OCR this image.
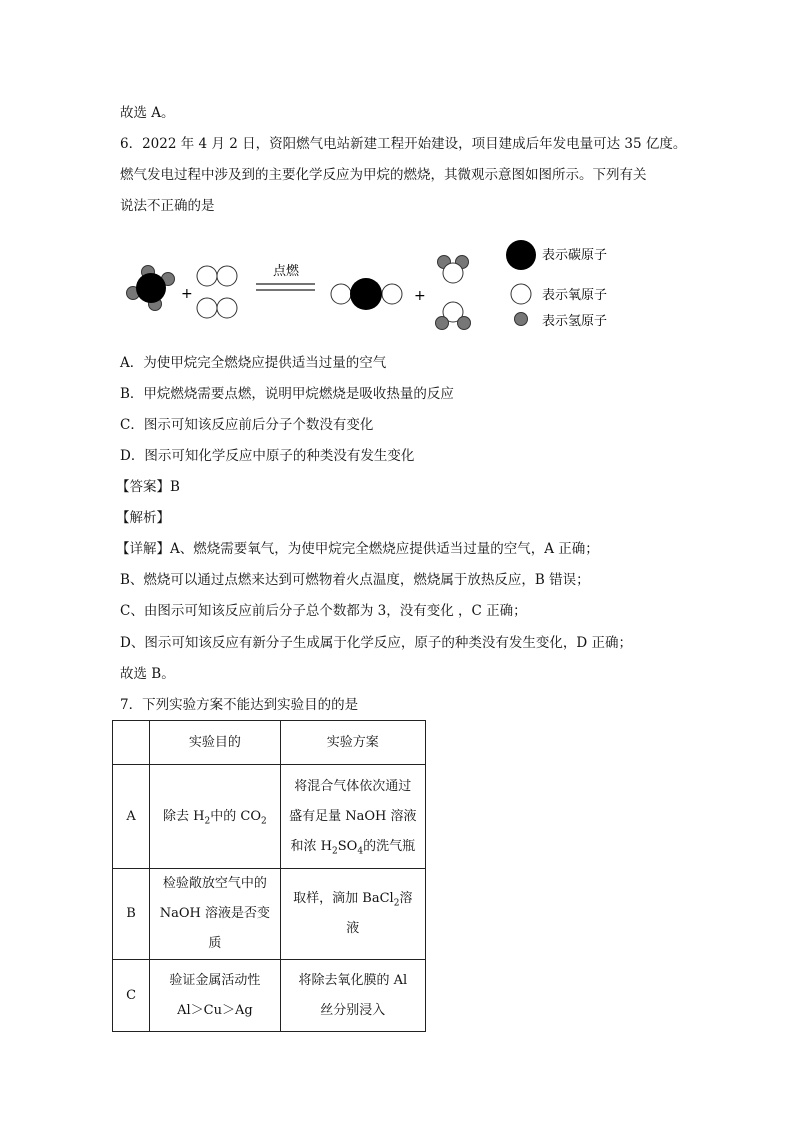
故选 A。
6．2022 年 4 月 2 日，资阳燃气电站新建工程开始建设，项目建成后年发电量可达 35 亿度。
燃气发电过程中涉及到的主要化学反应为甲烷的燃烧，其微观示意图如图所示。下列有关
说法不正确的是
+
点燃
+
表示碳原子
表示氧原子
表示氢原子
A．为使甲烷完全燃烧应提供适当过量的空气
B．甲烷燃烧需要点燃，说明甲烷燃烧是吸收热量的反应
C．图示可知该反应前后分子个数没有变化
D．图示可知化学反应中原子的种类没有发生变化
【答案】B
【解析】
【详解】A、燃烧需要氧气，为使甲烷完全燃烧应提供适当过量的空气，A 正确；
B、燃烧可以通过点燃来达到可燃物着火点温度，燃烧属于放热反应，B 错误；
C、由图示可知该反应前后分子总个数都为 3，没有变化 ，C 正确；
D、图示可知该反应有新分子生成属于化学反应，原子的种类没有发生变化，D 正确；
故选 B。
7．下列实验方案不能达到实验目的的是
	实验目的	实验方案
A	除去 $H_2$中的 $CO_2$	将混合气体依次通过
盛有足量 NaOH 溶液
和浓 $H_2SO_4$的洗气瓶

B	检验敞放空气中的
NaOH 溶液是否变质	取样，滴加 BaCl$_2$溶
液

C	验证金属活动性
Al＞Cu＞Ag	将除去氧化膜的 Al
丝分别浸入
